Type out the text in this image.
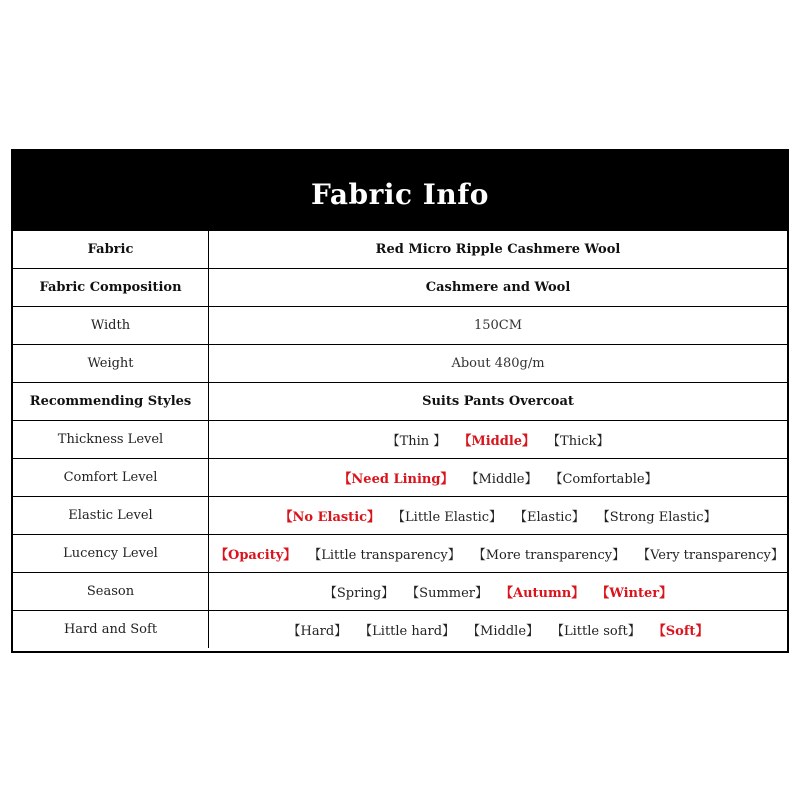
Fabric Info
Fabric	Red Micro Ripple Cashmere Wool
Fabric Composition	Cashmere and Wool
Width	150CM
Weight	About 480g/m
Recommending Styles	Suits Pants Overcoat
Thickness Level	【Thin 】 【Middle】 【Thick】
Comfort Level	【Need Lining】 【Middle】 【Comfortable】
Elastic Level	【No Elastic】 【Little Elastic】 【Elastic】 【Strong Elastic】
Lucency Level	【Opacity】 【Little transparency】 【More transparency】 【Very transparency】
Season	【Spring】 【Summer】 【Autumn】 【Winter】
Hard and Soft	【Hard】 【Little hard】 【Middle】 【Little soft】 【Soft】
